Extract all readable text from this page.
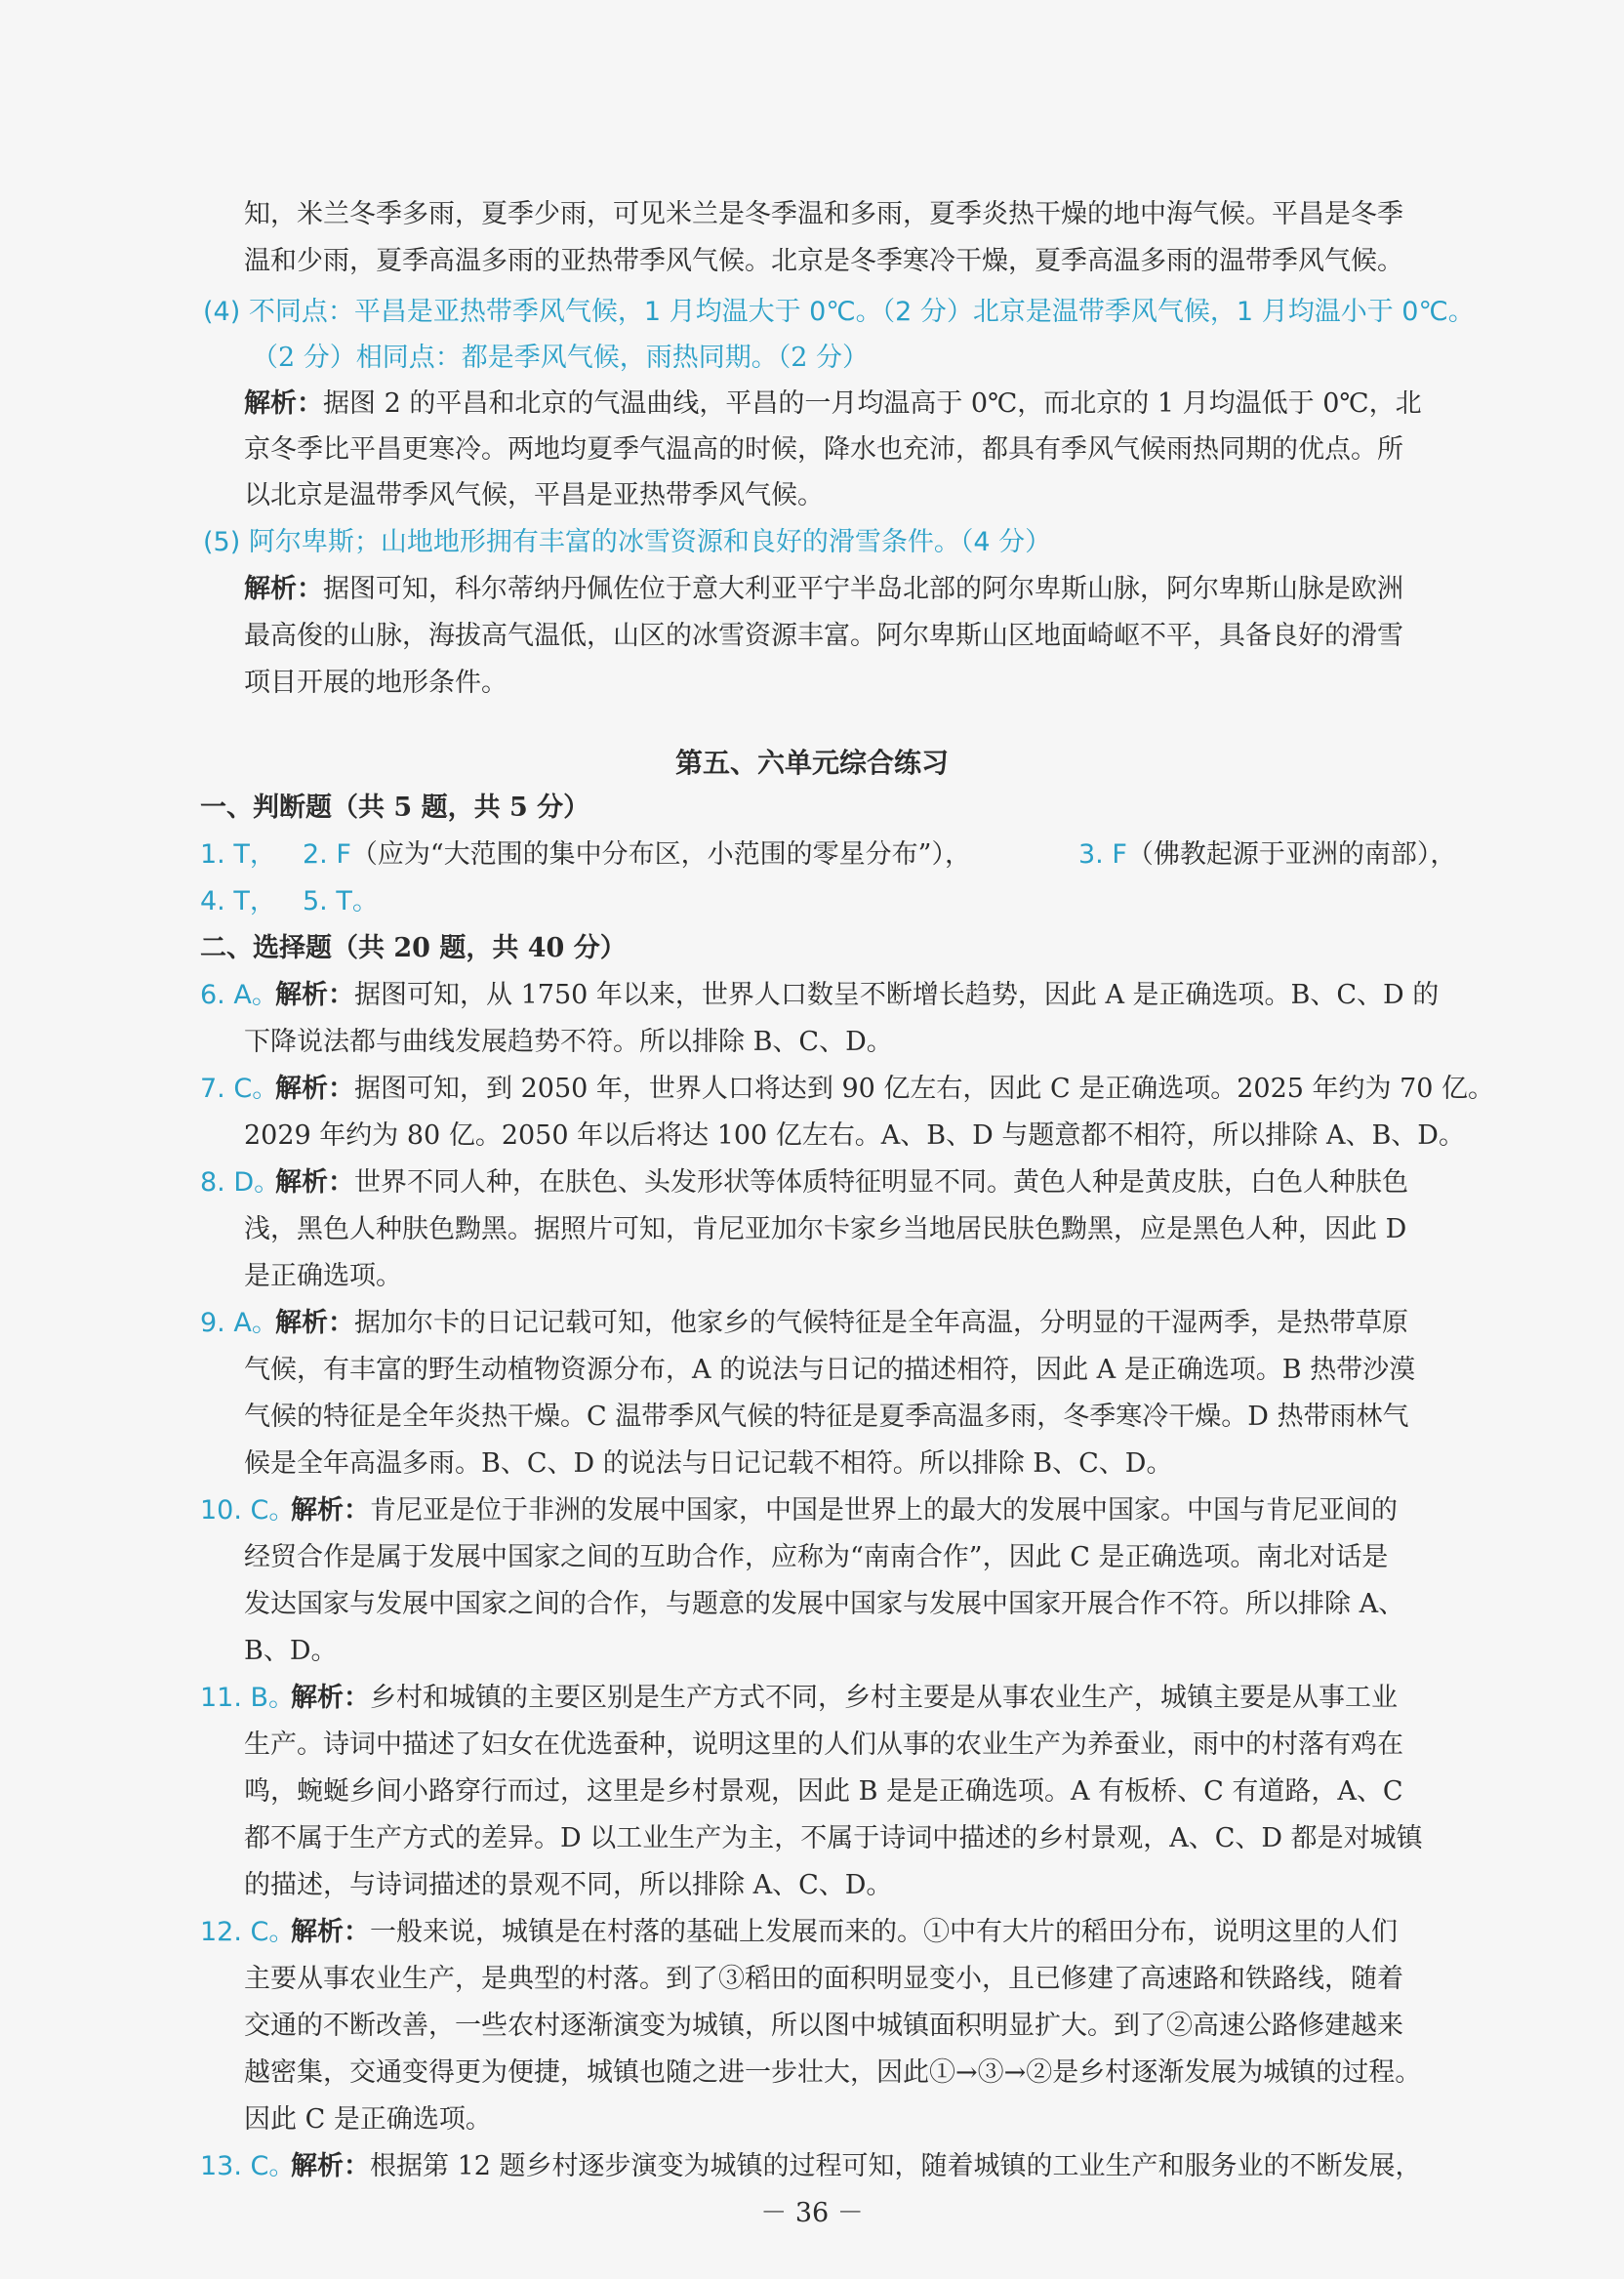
知，米兰冬季多雨，夏季少雨，可见米兰是冬季温和多雨，夏季炎热干燥的地中海气候。平昌是冬季
温和少雨，夏季高温多雨的亚热带季风气候。北京是冬季寒冷干燥，夏季高温多雨的温带季风气候。
(4) 不同点：平昌是亚热带季风气候，1 月均温大于 0℃。（2 分）北京是温带季风气候，1 月均温小于 0℃。
（2 分）相同点：都是季风气候，雨热同期。（2 分）
解析：据图 2 的平昌和北京的气温曲线，平昌的一月均温高于 0℃，而北京的 1 月均温低于 0℃，北
京冬季比平昌更寒冷。两地均夏季气温高的时候，降水也充沛，都具有季风气候雨热同期的优点。所
以北京是温带季风气候，平昌是亚热带季风气候。
(5) 阿尔卑斯；山地地形拥有丰富的冰雪资源和良好的滑雪条件。（4 分）
解析：据图可知，科尔蒂纳丹佩佐位于意大利亚平宁半岛北部的阿尔卑斯山脉，阿尔卑斯山脉是欧洲
最高俊的山脉，海拔高气温低，山区的冰雪资源丰富。阿尔卑斯山区地面崎岖不平，具备良好的滑雪
项目开展的地形条件。
第五、六单元综合练习
一、判断题（共 5 题，共 5 分）
1. T， 2. F（应为“大范围的集中分布区，小范围的零星分布”），	3. F（佛教起源于亚洲的南部），
4. T， 5. T。
二、选择题（共 20 题，共 40 分）
6. A。
解析：据图可知，从 1750 年以来，世界人口数呈不断增长趋势，因此 A 是正确选项。B、C、D 的
下降说法都与曲线发展趋势不符。所以排除 B、C、D。
7. C。
解析：据图可知，到 2050 年，世界人口将达到 90 亿左右，因此 C 是正确选项。2025 年约为 70 亿。
2029 年约为 80 亿。2050 年以后将达 100 亿左右。A、B、D 与题意都不相符，所以排除 A、B、D。
8. D。
解析：世界不同人种，在肤色、头发形状等体质特征明显不同。黄色人种是黄皮肤，白色人种肤色
浅，黑色人种肤色黝黑。据照片可知，肯尼亚加尔卡家乡当地居民肤色黝黑，应是黑色人种，因此 D
是正确选项。
9. A。
解析：据加尔卡的日记记载可知，他家乡的气候特征是全年高温，分明显的干湿两季，是热带草原
气候，有丰富的野生动植物资源分布，A 的说法与日记的描述相符，因此 A 是正确选项。B 热带沙漠
气候的特征是全年炎热干燥。C 温带季风气候的特征是夏季高温多雨，冬季寒冷干燥。D 热带雨林气
候是全年高温多雨。B、C、D 的说法与日记记载不相符。所以排除 B、C、D。
10. C。
解析：肯尼亚是位于非洲的发展中国家，中国是世界上的最大的发展中国家。中国与肯尼亚间的
经贸合作是属于发展中国家之间的互助合作，应称为“南南合作”，因此 C 是正确选项。南北对话是
发达国家与发展中国家之间的合作，与题意的发展中国家与发展中国家开展合作不符。所以排除 A、
B、D。
11. B。
解析：乡村和城镇的主要区别是生产方式不同，乡村主要是从事农业生产，城镇主要是从事工业
生产。诗词中描述了妇女在优选蚕种，说明这里的人们从事的农业生产为养蚕业，雨中的村落有鸡在
鸣，蜿蜒乡间小路穿行而过，这里是乡村景观，因此 B 是是正确选项。A 有板桥、C 有道路，A、C
都不属于生产方式的差异。D 以工业生产为主，不属于诗词中描述的乡村景观，A、C、D 都是对城镇
的描述，与诗词描述的景观不同，所以排除 A、C、D。
12. C。
解析：一般来说，城镇是在村落的基础上发展而来的。①中有大片的稻田分布，说明这里的人们
主要从事农业生产，是典型的村落。到了③稻田的面积明显变小，且已修建了高速路和铁路线，随着
交通的不断改善，一些农村逐渐演变为城镇，所以图中城镇面积明显扩大。到了②高速公路修建越来
越密集，交通变得更为便捷，城镇也随之进一步壮大，因此①→③→②是乡村逐渐发展为城镇的过程。
因此 C 是正确选项。
13. C。
解析：根据第 12 题乡村逐步演变为城镇的过程可知，随着城镇的工业生产和服务业的不断发展，
－ 36 －
